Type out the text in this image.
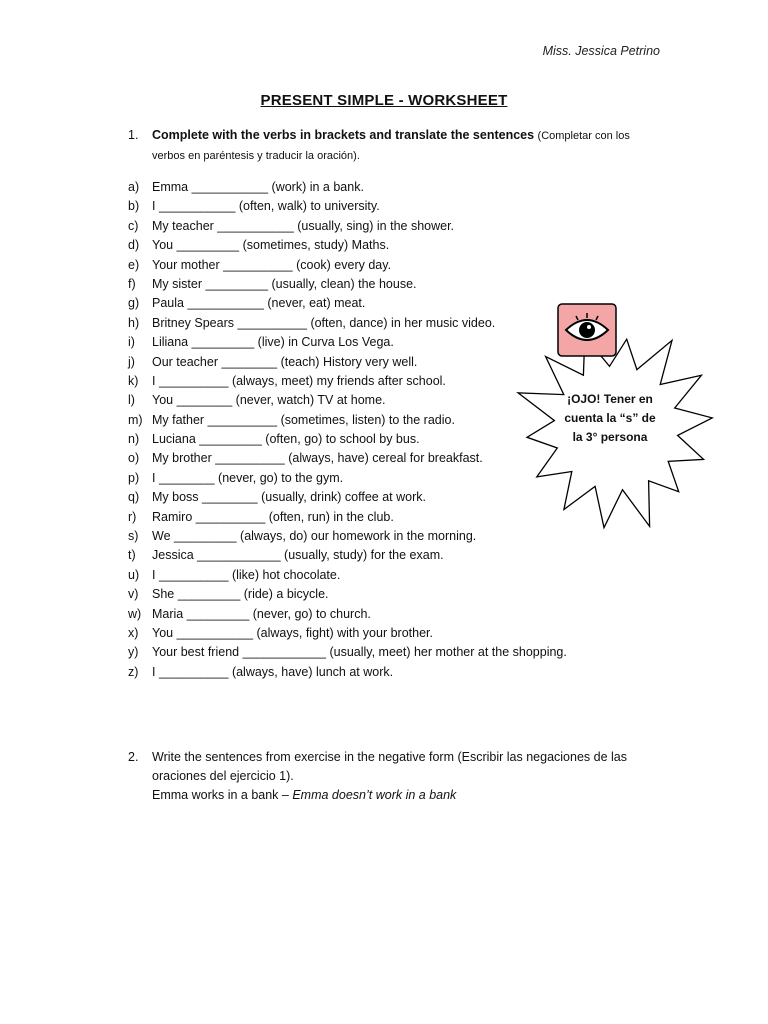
Miss. Jessica Petrino
PRESENT SIMPLE - WORKSHEET
1. Complete with the verbs in brackets and translate the sentences (Completar con los verbos en paréntesis y traducir la oración).
a) Emma ___________ (work) in a bank.
b) I ___________ (often, walk) to university.
c) My teacher ___________ (usually, sing) in the shower.
d) You _________ (sometimes, study) Maths.
e) Your mother __________ (cook) every day.
f) My sister _________ (usually, clean) the house.
g) Paula ___________ (never, eat) meat.
h) Britney Spears __________ (often, dance) in her music video.
i) Liliana _________ (live) in Curva Los Vega.
j) Our teacher ________ (teach) History very well.
k) I __________ (always, meet) my friends after school.
l) You ________ (never, watch) TV at home.
m) My father __________ (sometimes, listen) to the radio.
n) Luciana _________ (often, go) to school by bus.
o) My brother __________ (always, have) cereal for breakfast.
p) I ________ (never, go) to the gym.
q) My boss ________ (usually, drink) coffee at work.
r) Ramiro __________ (often, run) in the club.
s) We _________ (always, do) our homework in the morning.
t) Jessica ____________ (usually, study) for the exam.
u) I __________ (like) hot chocolate.
v) She _________ (ride) a bicycle.
w) Maria _________ (never, go) to church.
x) You ___________ (always, fight) with your brother.
y) Your best friend ____________ (usually, meet) her mother at the shopping.
z) I __________ (always, have) lunch at work.
¡OJO! Tener en
cuenta la “s” de
la 3° persona
2. Write the sentences from exercise in the negative form (Escribir las negaciones de las oraciones del ejercicio 1).
Emma works in a bank – Emma doesn’t work in a bank
